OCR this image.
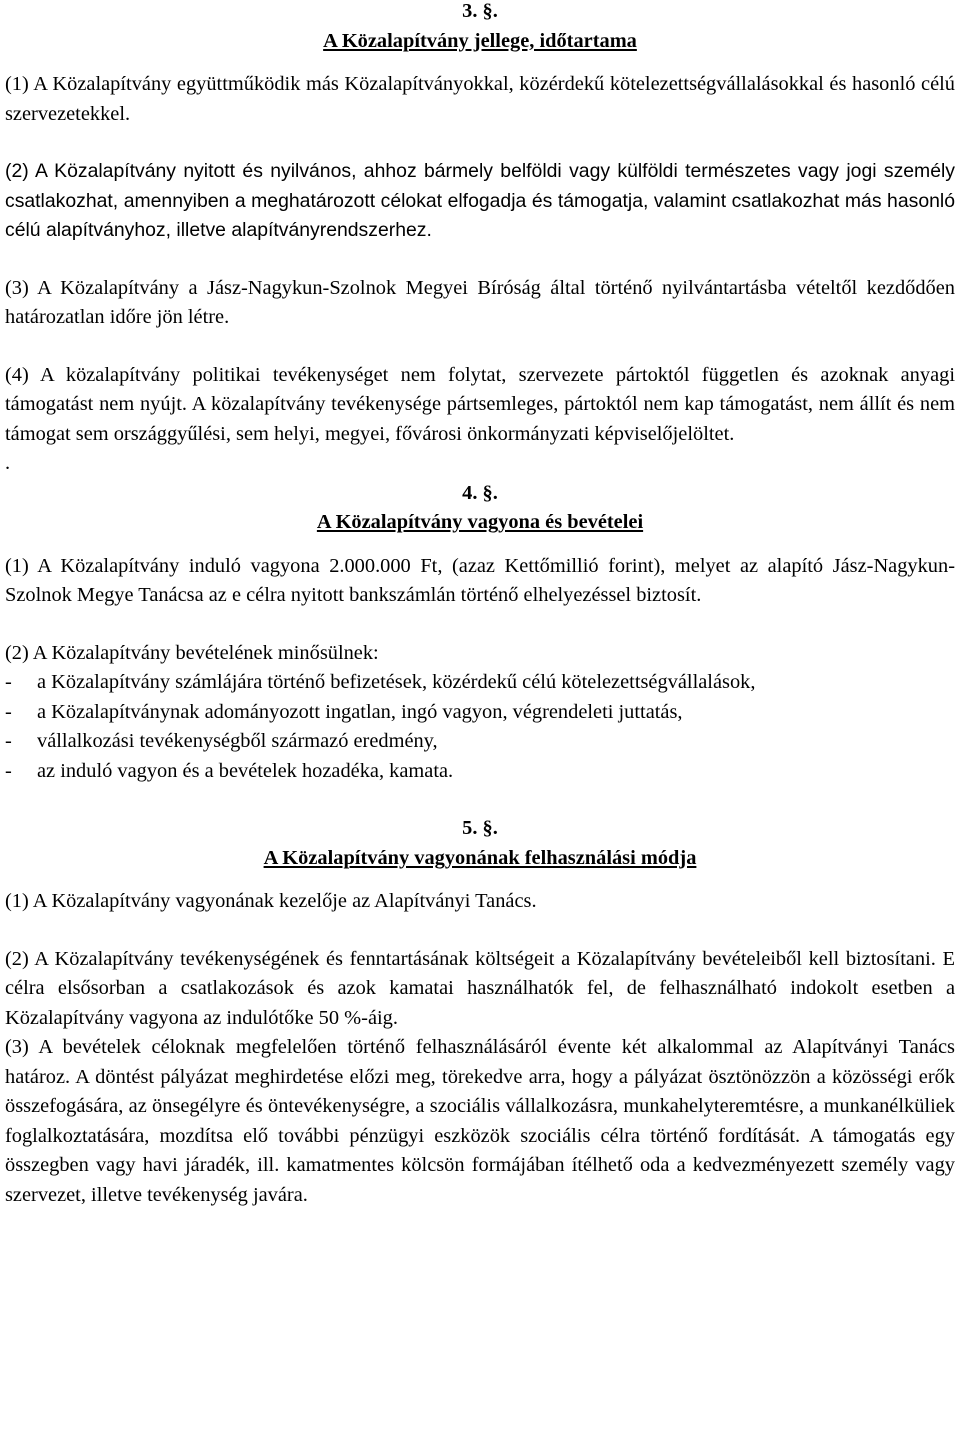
3. §.
A Közalapítvány jellege, időtartama

(1) A Közalapítvány együttműködik más Közalapítványokkal, közérdekű kötelezettségvállalásokkal és hasonló célú szervezetekkel.

(2) A Közalapítvány nyitott és nyilvános, ahhoz bármely belföldi vagy külföldi természetes vagy jogi személy csatlakozhat, amennyiben a meghatározott célokat elfogadja és támogatja, valamint csatlakozhat más hasonló célú alapítványhoz, illetve alapítványrendszerhez.

(3) A Közalapítvány a Jász-Nagykun-Szolnok Megyei Bíróság által történő nyilvántartásba vételtől kezdődően határozatlan időre jön létre.

(4) A közalapítvány politikai tevékenységet nem folytat, szervezete pártoktól független és azoknak anyagi támogatást nem nyújt. A közalapítvány tevékenysége pártsemleges, pártoktól nem kap támogatást, nem állít és nem támogat sem országgyűlési, sem helyi, megyei, fővárosi önkormányzati képviselőjelöltet.

.

4. §.
A Közalapítvány vagyona és bevételei

(1) A Közalapítvány induló vagyona 2.000.000 Ft, (azaz Kettőmillió forint), melyet az alapító Jász-Nagykun-Szolnok Megye Tanácsa az e célra nyitott bankszámlán történő elhelyezéssel biztosít.

(2) A Közalapítvány bevételének minősülnek:

-	a Közalapítvány számlájára történő befizetések, közérdekű célú kötelezettségvállalások,
-	a Közalapítványnak adományozott ingatlan, ingó vagyon, végrendeleti juttatás,
-	vállalkozási tevékenységből származó eredmény,
-	az induló vagyon és a bevételek hozadéka, kamata.
5. §.
A Közalapítvány vagyonának felhasználási módja

(1) A Közalapítvány vagyonának kezelője az Alapítványi Tanács.

(2) A Közalapítvány tevékenységének és fenntartásának költségeit a Közalapítvány bevételeiből kell biztosítani. E célra elsősorban a csatlakozások és azok kamatai használhatók fel, de felhasználható indokolt esetben a Közalapítvány vagyona az indulótőke 50 %-áig.

(3) A bevételek céloknak megfelelően történő felhasználásáról évente két alkalommal az Alapítványi Tanács határoz. A döntést pályázat meghirdetése előzi meg, törekedve arra, hogy a pályázat ösztönözzön a közösségi erők összefogására, az önsegélyre és öntevékenységre, a szociális vállalkozásra, munkahelyteremtésre, a munkanélküliek foglalkoztatására, mozdítsa elő további pénzügyi eszközök szociális célra történő fordítását. A támogatás egy összegben vagy havi járadék, ill. kamatmentes kölcsön formájában ítélhető oda a kedvezményezett személy vagy szervezet, illetve tevékenység javára.
